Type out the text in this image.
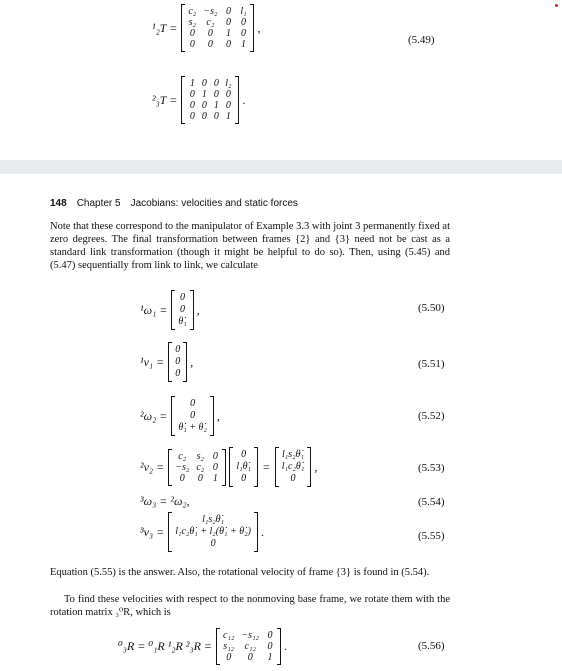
¹₂T =
c₂ −s₂ 0 l₁
s₂	c₂	0 0
0	0	1 0
0	0	0 1
,
(5.49)
²₃T =
1 0 0 l₂
0 1 0 0
0 0 1 0
0 0 0 1
.
148 Chapter 5 Jacobians: velocities and static forces
Note that these correspond to the manipulator of Example 3.3 with joint 3 permanently fixed at zero degrees. The final transformation between frames {2} and {3} need not be cast as a standard link transformation (though it might be helpful to do so). Then, using (5.45) and (5.47) sequentially from link to link, we calculate
¹ω₁ =
0
0
θ̇₁
,	(5.50)
¹v₁ =
0
0
0
,	(5.51)
²ω₂ =
0
0
θ̇₁ + θ̇₂
,	(5.52)
²v₂ =
c₂	s₂ 0
−s₂ c₂ 0
0	0 1
0
l₁θ̇₁
0
=
l₁s₂θ̇₁
l₁c₂θ̇₁
0
,	(5.53)
³ω₃ = ²ω₂,	(5.54)
³v₃ =
l₁s₂θ̇₁
l₁c₂θ̇₁ + l₂(θ̇₁ + θ̇₂)
0
.	(5.55)
Equation (5.55) is the answer. Also, the rotational velocity of frame {3} is found in (5.54).
To find these velocities with respect to the nonmoving base frame, we rotate them with the rotation matrix ₃⁰R, which is
⁰₃R = ⁰₁R ¹₂R ²₃R =
c₁₂ −s₁₂ 0
s₁₂	c₁₂	0
0	0	1
.	(5.56)
